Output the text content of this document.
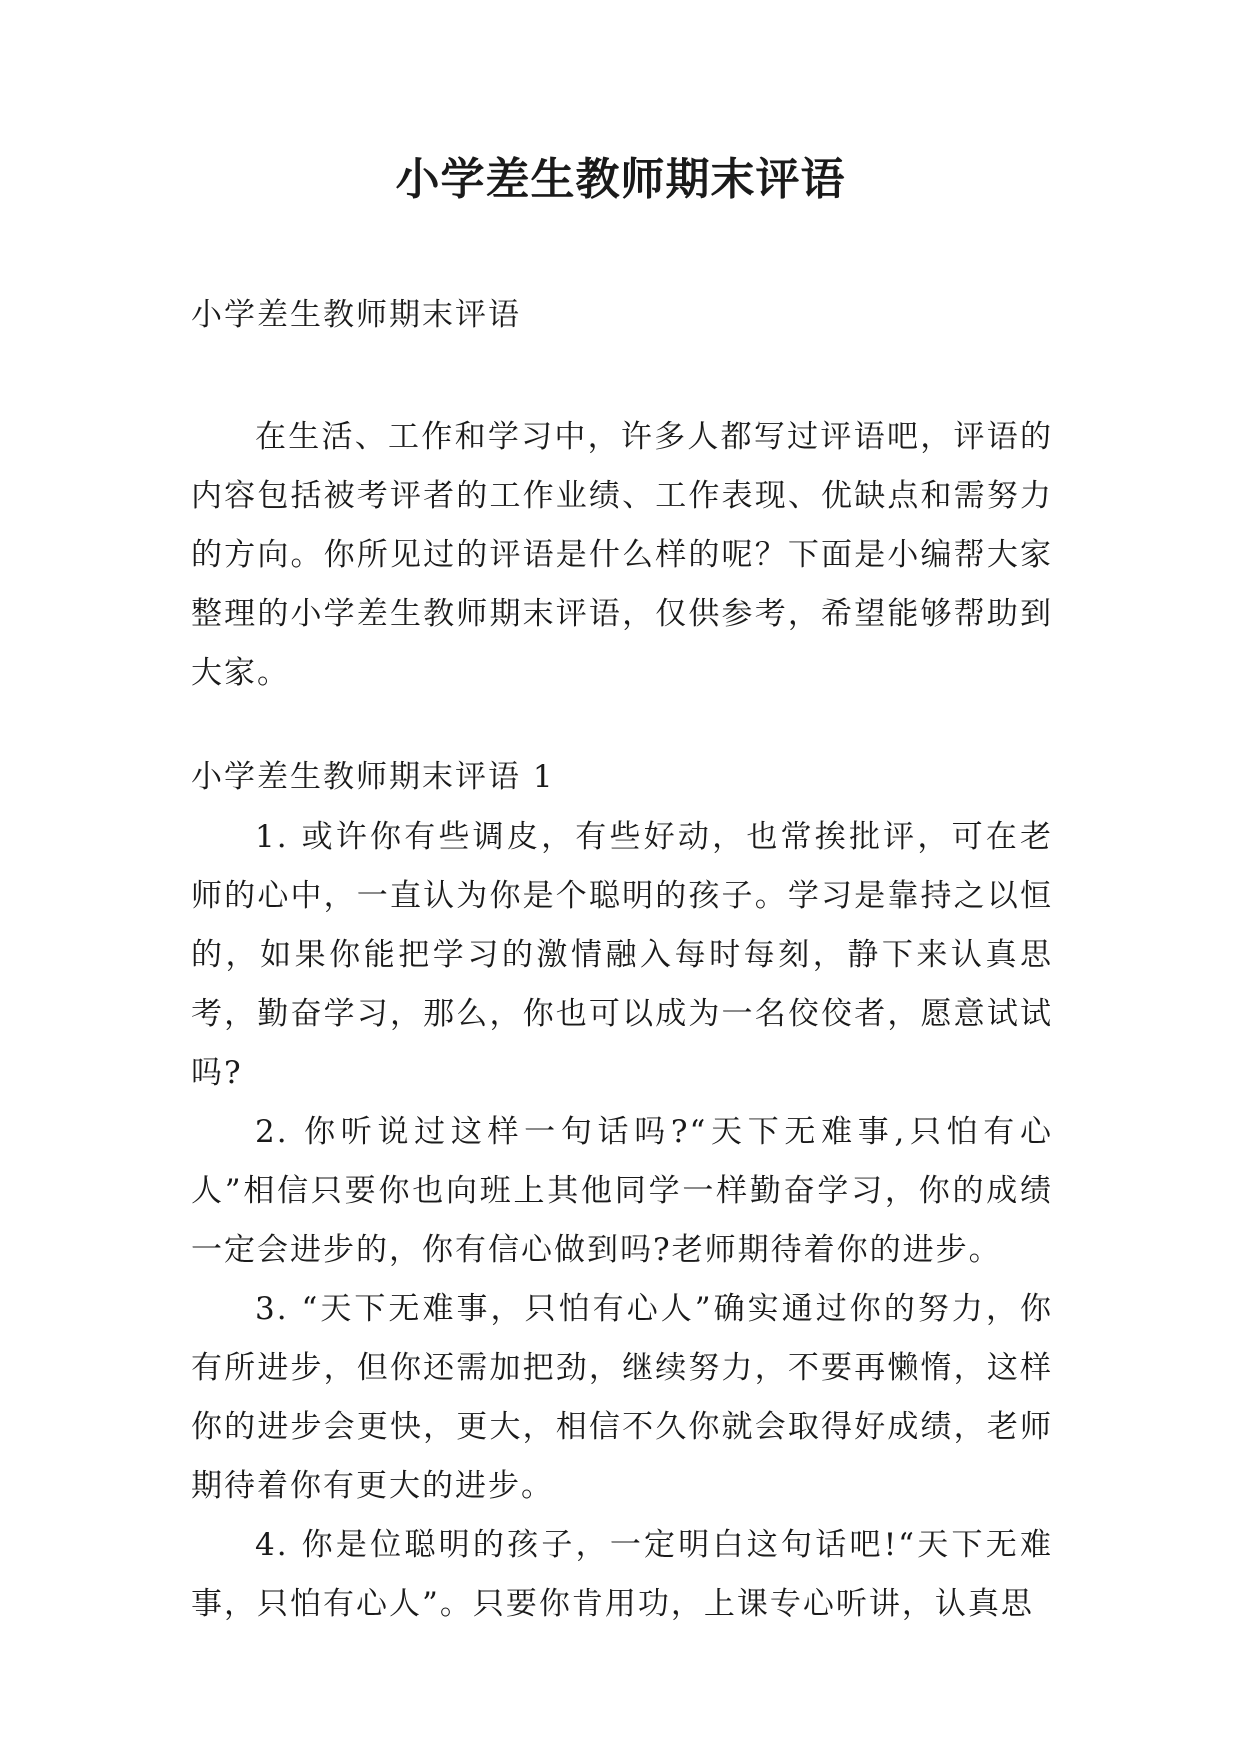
小学差生教师期末评语

小学差生教师期末评语

在生活、工作和学习中，许多人都写过评语吧，评语的内容包括被考评者的工作业绩、工作表现、优缺点和需努力的方向。你所见过的评语是什么样的呢？下面是小编帮大家整理的小学差生教师期末评语，仅供参考，希望能够帮助到大家。

小学差生教师期末评语 1

1. 或许你有些调皮，有些好动，也常挨批评，可在老师的心中，一直认为你是个聪明的孩子。学习是靠持之以恒的，如果你能把学习的激情融入每时每刻，静下来认真思考，勤奋学习，那么，你也可以成为一名佼佼者，愿意试试吗?
2. 你听说过这样一句话吗?“天下无难事,只怕有心人”相信只要你也向班上其他同学一样勤奋学习，你的成绩一定会进步的，你有信心做到吗?老师期待着你的进步。
3. “天下无难事，只怕有心人”确实通过你的努力，你有所进步，但你还需加把劲，继续努力，不要再懒惰，这样你的进步会更快，更大，相信不久你就会取得好成绩，老师期待着你有更大的进步。
4. 你是位聪明的孩子，一定明白这句话吧!“天下无难事，只怕有心人”。只要你肯用功，上课专心听讲，认真思
